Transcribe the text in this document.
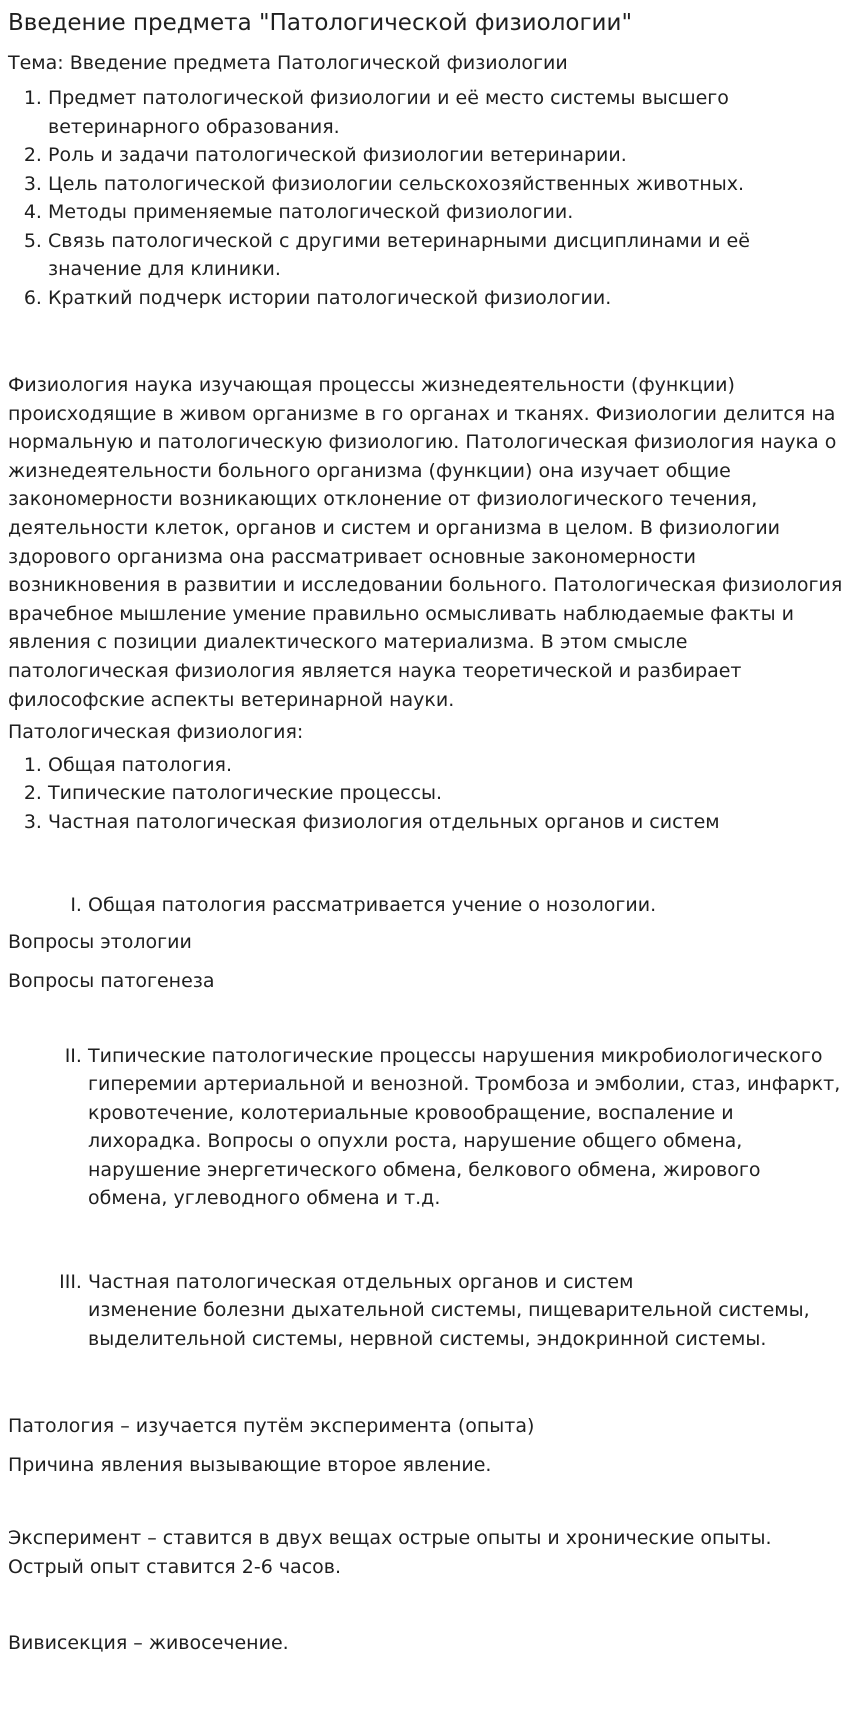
Введение предмета "Патологической физиологии"

Тема: Введение предмета Патологической физиологии

1. Предмет патологической физиологии и её место системы высшего ветеринарного образования.
2. Роль и задачи патологической физиологии ветеринарии.
3. Цель патологической физиологии сельскохозяйственных животных.
4. Методы применяемые патологической физиологии.
5. Связь патологической с другими ветеринарными дисциплинами и её значение для клиники.
6. Краткий подчерк истории патологической физиологии.

Физиология наука изучающая процессы жизнедеятельности (функции) происходящие в живом организме в го органах и тканях. Физиологии делится на нормальную и патологическую физиологию. Патологическая физиология наука о жизнедеятельности больного организма (функции) она изучает общие закономерности возникающих отклонение от физиологического течения, деятельности клеток, органов и систем и организма в целом. В физиологии здорового организма она рассматривает основные закономерности возникновения в развитии и исследовании больного. Патологическая физиология врачебное мышление умение правильно осмысливать наблюдаемые факты и явления с позиции диалектического материализма. В этом смысле патологическая физиология является наука теоретической и разбирает философские аспекты ветеринарной науки.

Патологическая физиология:

1. Общая патология.
2. Типические патологические процессы.
3. Частная патологическая физиология отдельных органов и систем
I. Общая патология рассматривается учение о нозологии.

Вопросы этологии

Вопросы патогенеза

II. Типические патологические процессы нарушения микробиологического гиперемии артериальной и венозной. Тромбоза и эмболии, стаз, инфаркт, кровотечение, колотериальные кровообращение, воспаление и лихорадка. Вопросы о опухли роста, нарушение общего обмена, нарушение энергетического обмена, белкового обмена, жирового обмена, углеводного обмена и т.д.
III. Частная патологическая отдельных органов и систем
изменение болезни дыхательной системы, пищеварительной системы, выделительной системы, нервной системы, эндокринной системы.

Патология – изучается путём эксперимента (опыта)

Причина явления вызывающие второе явление.

Эксперимент – ставится в двух вещах острые опыты и хронические опыты. Острый опыт ставится 2-6 часов.

Вивисекция – живосечение.
